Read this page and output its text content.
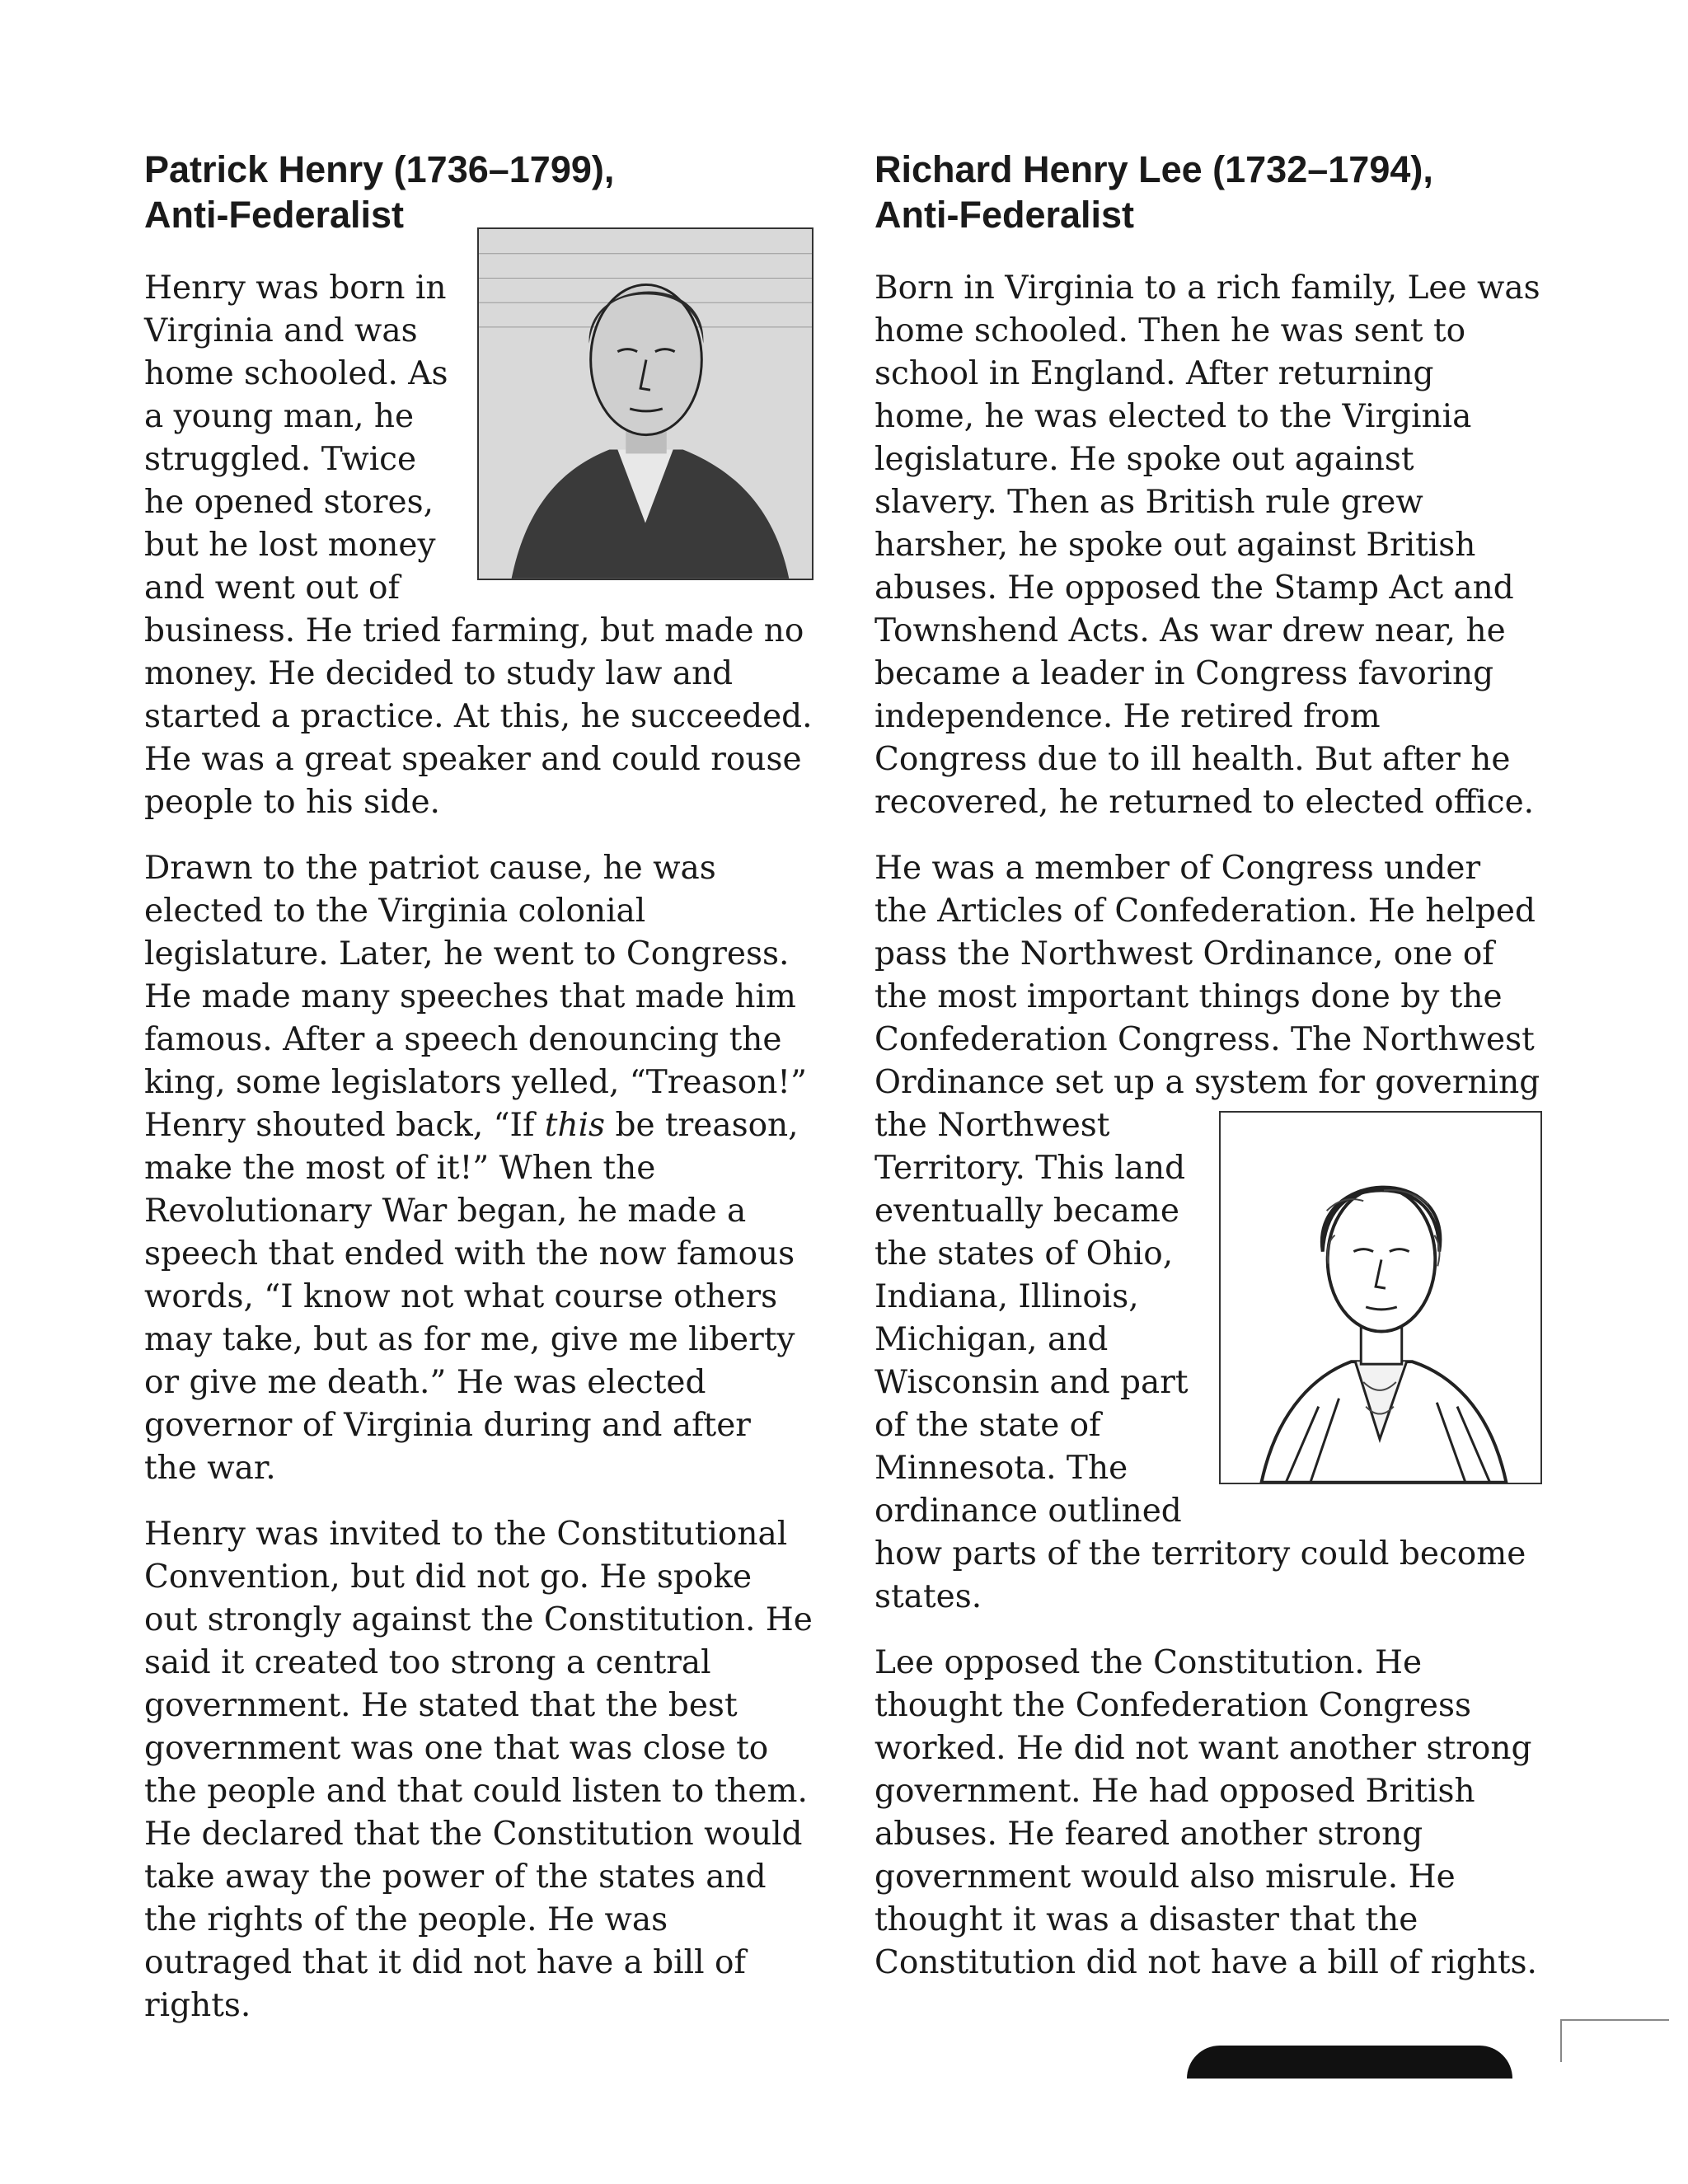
Patrick Henry (1736–1799),
Anti-Federalist

Henry was born in Virginia and was home schooled. As a young man, he struggled. Twice he opened stores, but he lost money and went out of business. He tried farming, but made no money. He decided to study law and started a practice. At this, he succeeded. He was a great speaker and could rouse people to his side.

Drawn to the patriot cause, he was elected to the Virginia colonial legislature. Later, he went to Congress. He made many speeches that made him famous. After a speech denouncing the king, some legislators yelled, “Treason!” Henry shouted back, “If this be treason, make the most of it!” When the Revolutionary War began, he made a speech that ended with the now famous words, “I know not what course others may take, but as for me, give me liberty or give me death.” He was elected governor of Virginia during and after the war.

Henry was invited to the Constitutional Convention, but did not go. He spoke out strongly against the Constitution. He said it created too strong a central government. He stated that the best government was one that was close to the people and that could listen to them. He declared that the Constitution would take away the power of the states and the rights of the people. He was outraged that it did not have a bill of rights.

Richard Henry Lee (1732–1794),
Anti-Federalist

Born in Virginia to a rich family, Lee was home schooled. Then he was sent to school in England. After returning home, he was elected to the Virginia legislature. He spoke out against slavery. Then as British rule grew harsher, he spoke out against British abuses. He opposed the Stamp Act and Townshend Acts. As war drew near, he became a leader in Congress favoring independence. He retired from Congress due to ill health. But after he recovered, he returned to elected office.

He was a member of Congress under the Articles of Confederation. He helped pass the Northwest Ordinance, one of the most important things done by the Confederation Congress. The Northwest Ordinance set up a system for governing
the Northwest Territory. This land eventually became the states of Ohio, Indiana, Illinois, Michigan, and Wisconsin and part of the state of Minnesota. The ordinance outlined how parts of the territory could become states.

Lee opposed the Constitution. He thought the Confederation Congress worked. He did not want another strong government. He had opposed British abuses. He feared another strong government would also misrule. He thought it was a disaster that the Constitution did not have a bill of rights.
